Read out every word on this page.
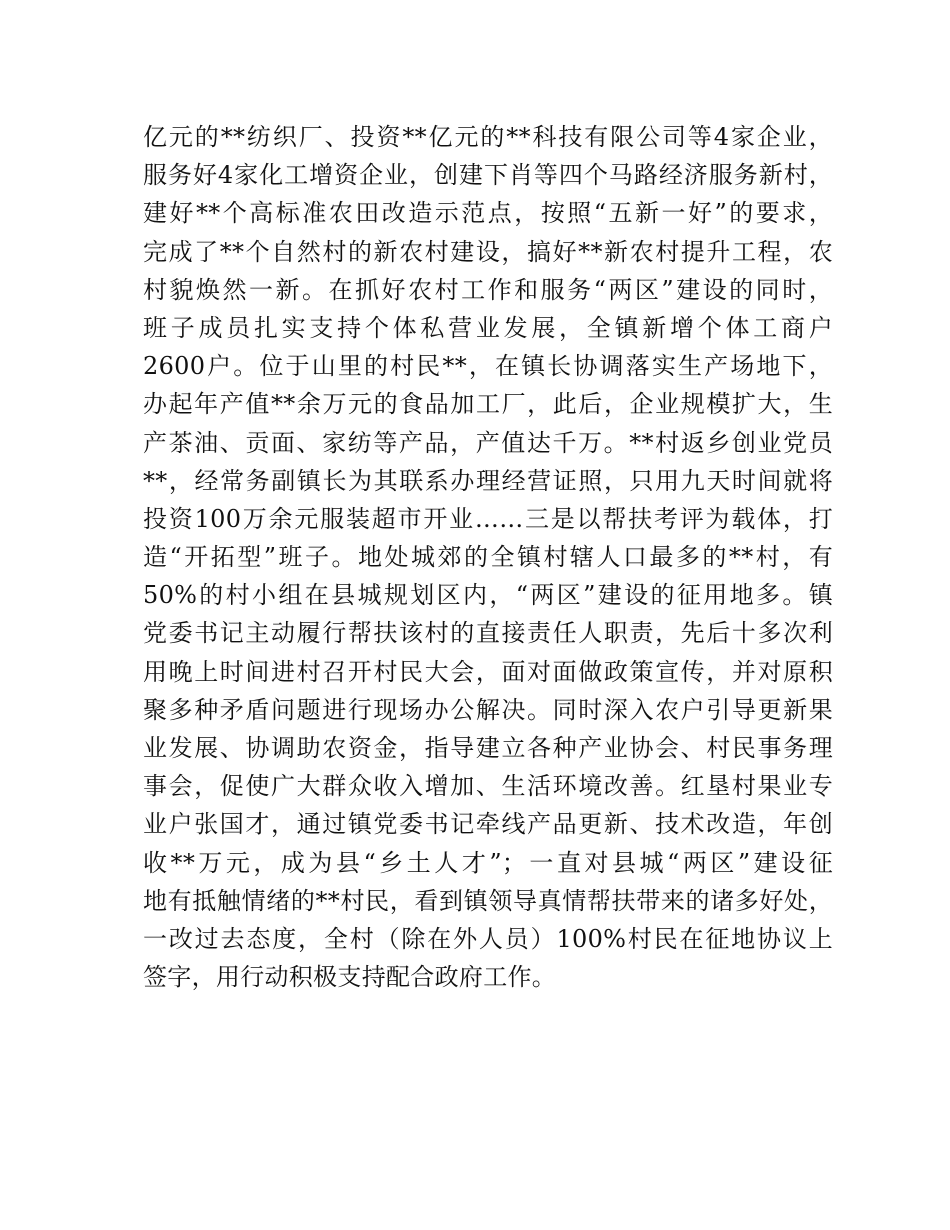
亿元的**纺织厂、投资**亿元的**科技有限公司等4家企业，
服务好4家化工增资企业，创建下肖等四个马路经济服务新村，
建好**个高标准农田改造示范点，按照“五新一好”的要求，
完成了**个自然村的新农村建设，搞好**新农村提升工程，农
村貌焕然一新。在抓好农村工作和服务“两区”建设的同时，
班子成员扎实支持个体私营业发展，全镇新增个体工商户
2600户。位于山里的村民**，在镇长协调落实生产场地下，
办起年产值**余万元的食品加工厂，此后，企业规模扩大，生
产茶油、贡面、家纺等产品，产值达千万。**村返乡创业党员
**，经常务副镇长为其联系办理经营证照，只用九天时间就将
投资100万余元服装超市开业……三是以帮扶考评为载体，打
造“开拓型”班子。地处城郊的全镇村辖人口最多的**村，有
50%的村小组在县城规划区内，“两区”建设的征用地多。镇
党委书记主动履行帮扶该村的直接责任人职责，先后十多次利
用晚上时间进村召开村民大会，面对面做政策宣传，并对原积
聚多种矛盾问题进行现场办公解决。同时深入农户引导更新果
业发展、协调助农资金，指导建立各种产业协会、村民事务理
事会，促使广大群众收入增加、生活环境改善。红垦村果业专
业户张国才，通过镇党委书记牵线产品更新、技术改造，年创
收**万元，成为县“乡土人才”；一直对县城“两区”建设征
地有抵触情绪的**村民，看到镇领导真情帮扶带来的诸多好处，
一改过去态度，全村（除在外人员）100%村民在征地协议上
签字，用行动积极支持配合政府工作。
